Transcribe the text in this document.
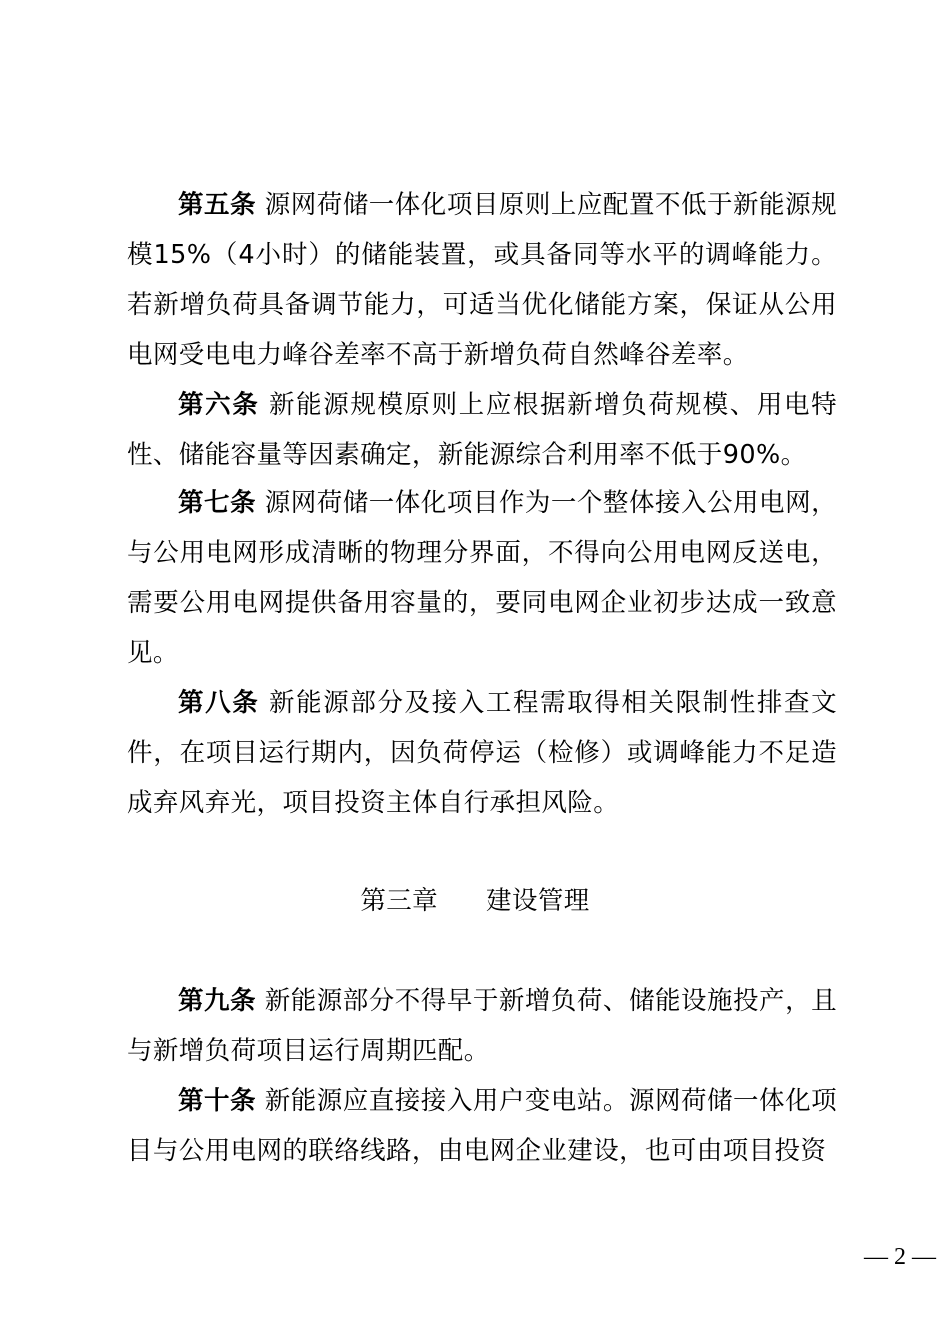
第五条 源网荷储一体化项目原则上应配置不低于新能源规模15%（4小时）的储能装置，或具备同等水平的调峰能力。若新增负荷具备调节能力，可适当优化储能方案，保证从公用电网受电电力峰谷差率不高于新增负荷自然峰谷差率。

第六条 新能源规模原则上应根据新增负荷规模、用电特性、储能容量等因素确定，新能源综合利用率不低于90%。

第七条 源网荷储一体化项目作为一个整体接入公用电网，与公用电网形成清晰的物理分界面，不得向公用电网反送电，需要公用电网提供备用容量的，要同电网企业初步达成一致意见。

第八条 新能源部分及接入工程需取得相关限制性排查文件，在项目运行期内，因负荷停运（检修）或调峰能力不足造成弃风弃光，项目投资主体自行承担风险。

第三章 建设管理

第九条 新能源部分不得早于新增负荷、储能设施投产，且与新增负荷项目运行周期匹配。

第十条 新能源应直接接入用户变电站。源网荷储一体化项目与公用电网的联络线路，由电网企业建设，也可由项目投资

— 2 —
